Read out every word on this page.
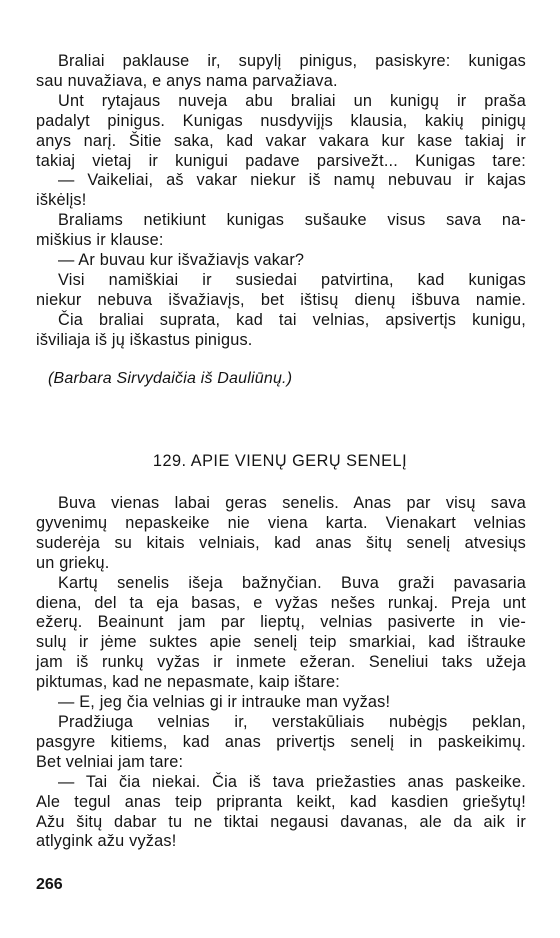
Braliai paklause ir, supylį pinigus, pasiskyre: kunigas
sau nuvažiava, e anys nama parvažiava.
Unt rytajaus nuveja abu braliai un kunigų ir praša
padalyt pinigus. Kunigas nusdyvijįs klausia, kakių pinigų
anys narį. Šitie saka, kad vakar vakara kur kase takiaj ir
takiaj vietaj ir kunigui padave parsivežt... Kunigas tare:
— Vaikeliai, aš vakar niekur iš namų nebuvau ir kajas
iškėlįs!
Braliams netikiunt kunigas sušauke visus sava na-
miškius ir klause:
— Ar buvau kur išvažiavįs vakar?
Visi namiškiai ir susiedai patvirtina, kad kunigas
niekur nebuva išvažiavįs, bet ištisų dienų išbuva namie.
Čia braliai suprata, kad tai velnias, apsivertįs kunigu,
išviliaja iš jų iškastus pinigus.
(Barbara Sirvydaičia iš Dauliūnų.)
129. APIE VIENŲ GERŲ SENELĮ
Buva vienas labai geras senelis. Anas par visų sava
gyvenimų nepaskeike nie viena karta. Vienakart velnias
suderėja su kitais velniais, kad anas šitų senelį atvesiųs
un griekų.
Kartų senelis išeja bažnyčian. Buva graži pavasaria
diena, del ta eja basas, e vyžas nešes runkaj. Preja unt
ežerų. Beainunt jam par lieptų, velnias pasiverte in vie-
sulų ir jėme suktes apie senelį teip smarkiai, kad ištrauke
jam iš runkų vyžas ir inmete ežeran. Seneliui taks užeja
piktumas, kad ne nepasmate, kaip ištare:
— E, jeg čia velnias gi ir intrauke man vyžas!
Pradžiuga velnias ir, verstakūliais nubėgįs peklan,
pasgyre kitiems, kad anas privertįs senelį in paskeikimų.
Bet velniai jam tare:
— Tai čia niekai. Čia iš tava priežasties anas paskeike.
Ale tegul anas teip pripranta keikt, kad kasdien griešytų!
Ažu šitų dabar tu ne tiktai negausi davanas, ale da aik ir
atlygink ažu vyžas!
266
